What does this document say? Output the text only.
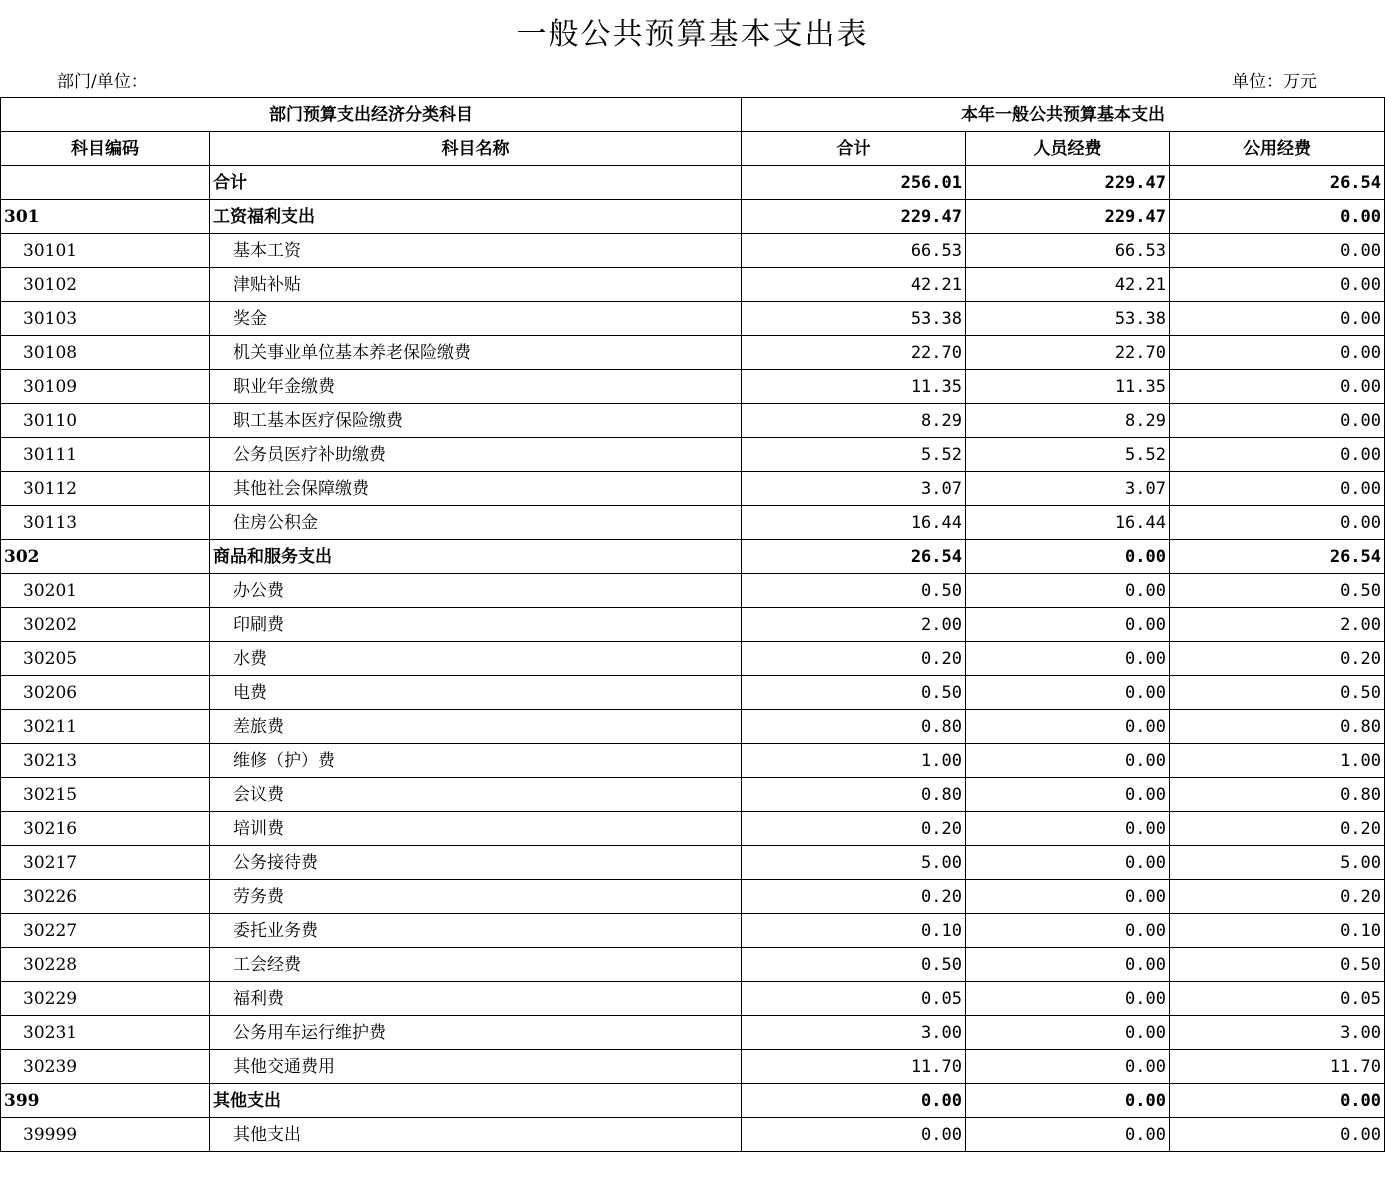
一般公共预算基本支出表
部门/单位：	单位：万元
部门预算支出经济分类科目		本年一般公共预算基本支出		
科目编码	科目名称	合计	人员经费	公用经费
	合计	256.01	229.47	26.54
301	工资福利支出	229.47	229.47	0.00
30101	基本工资	66.53	66.53	0.00
30102	津贴补贴	42.21	42.21	0.00
30103	奖金	53.38	53.38	0.00
30108	机关事业单位基本养老保险缴费	22.70	22.70	0.00
30109	职业年金缴费	11.35	11.35	0.00
30110	职工基本医疗保险缴费	8.29	8.29	0.00
30111	公务员医疗补助缴费	5.52	5.52	0.00
30112	其他社会保障缴费	3.07	3.07	0.00
30113	住房公积金	16.44	16.44	0.00
302	商品和服务支出	26.54	0.00	26.54
30201	办公费	0.50	0.00	0.50
30202	印刷费	2.00	0.00	2.00
30205	水费	0.20	0.00	0.20
30206	电费	0.50	0.00	0.50
30211	差旅费	0.80	0.00	0.80
30213	维修（护）费	1.00	0.00	1.00
30215	会议费	0.80	0.00	0.80
30216	培训费	0.20	0.00	0.20
30217	公务接待费	5.00	0.00	5.00
30226	劳务费	0.20	0.00	0.20
30227	委托业务费	0.10	0.00	0.10
30228	工会经费	0.50	0.00	0.50
30229	福利费	0.05	0.00	0.05
30231	公务用车运行维护费	3.00	0.00	3.00
30239	其他交通费用	11.70	0.00	11.70
399	其他支出	0.00	0.00	0.00
39999	其他支出	0.00	0.00	0.00
